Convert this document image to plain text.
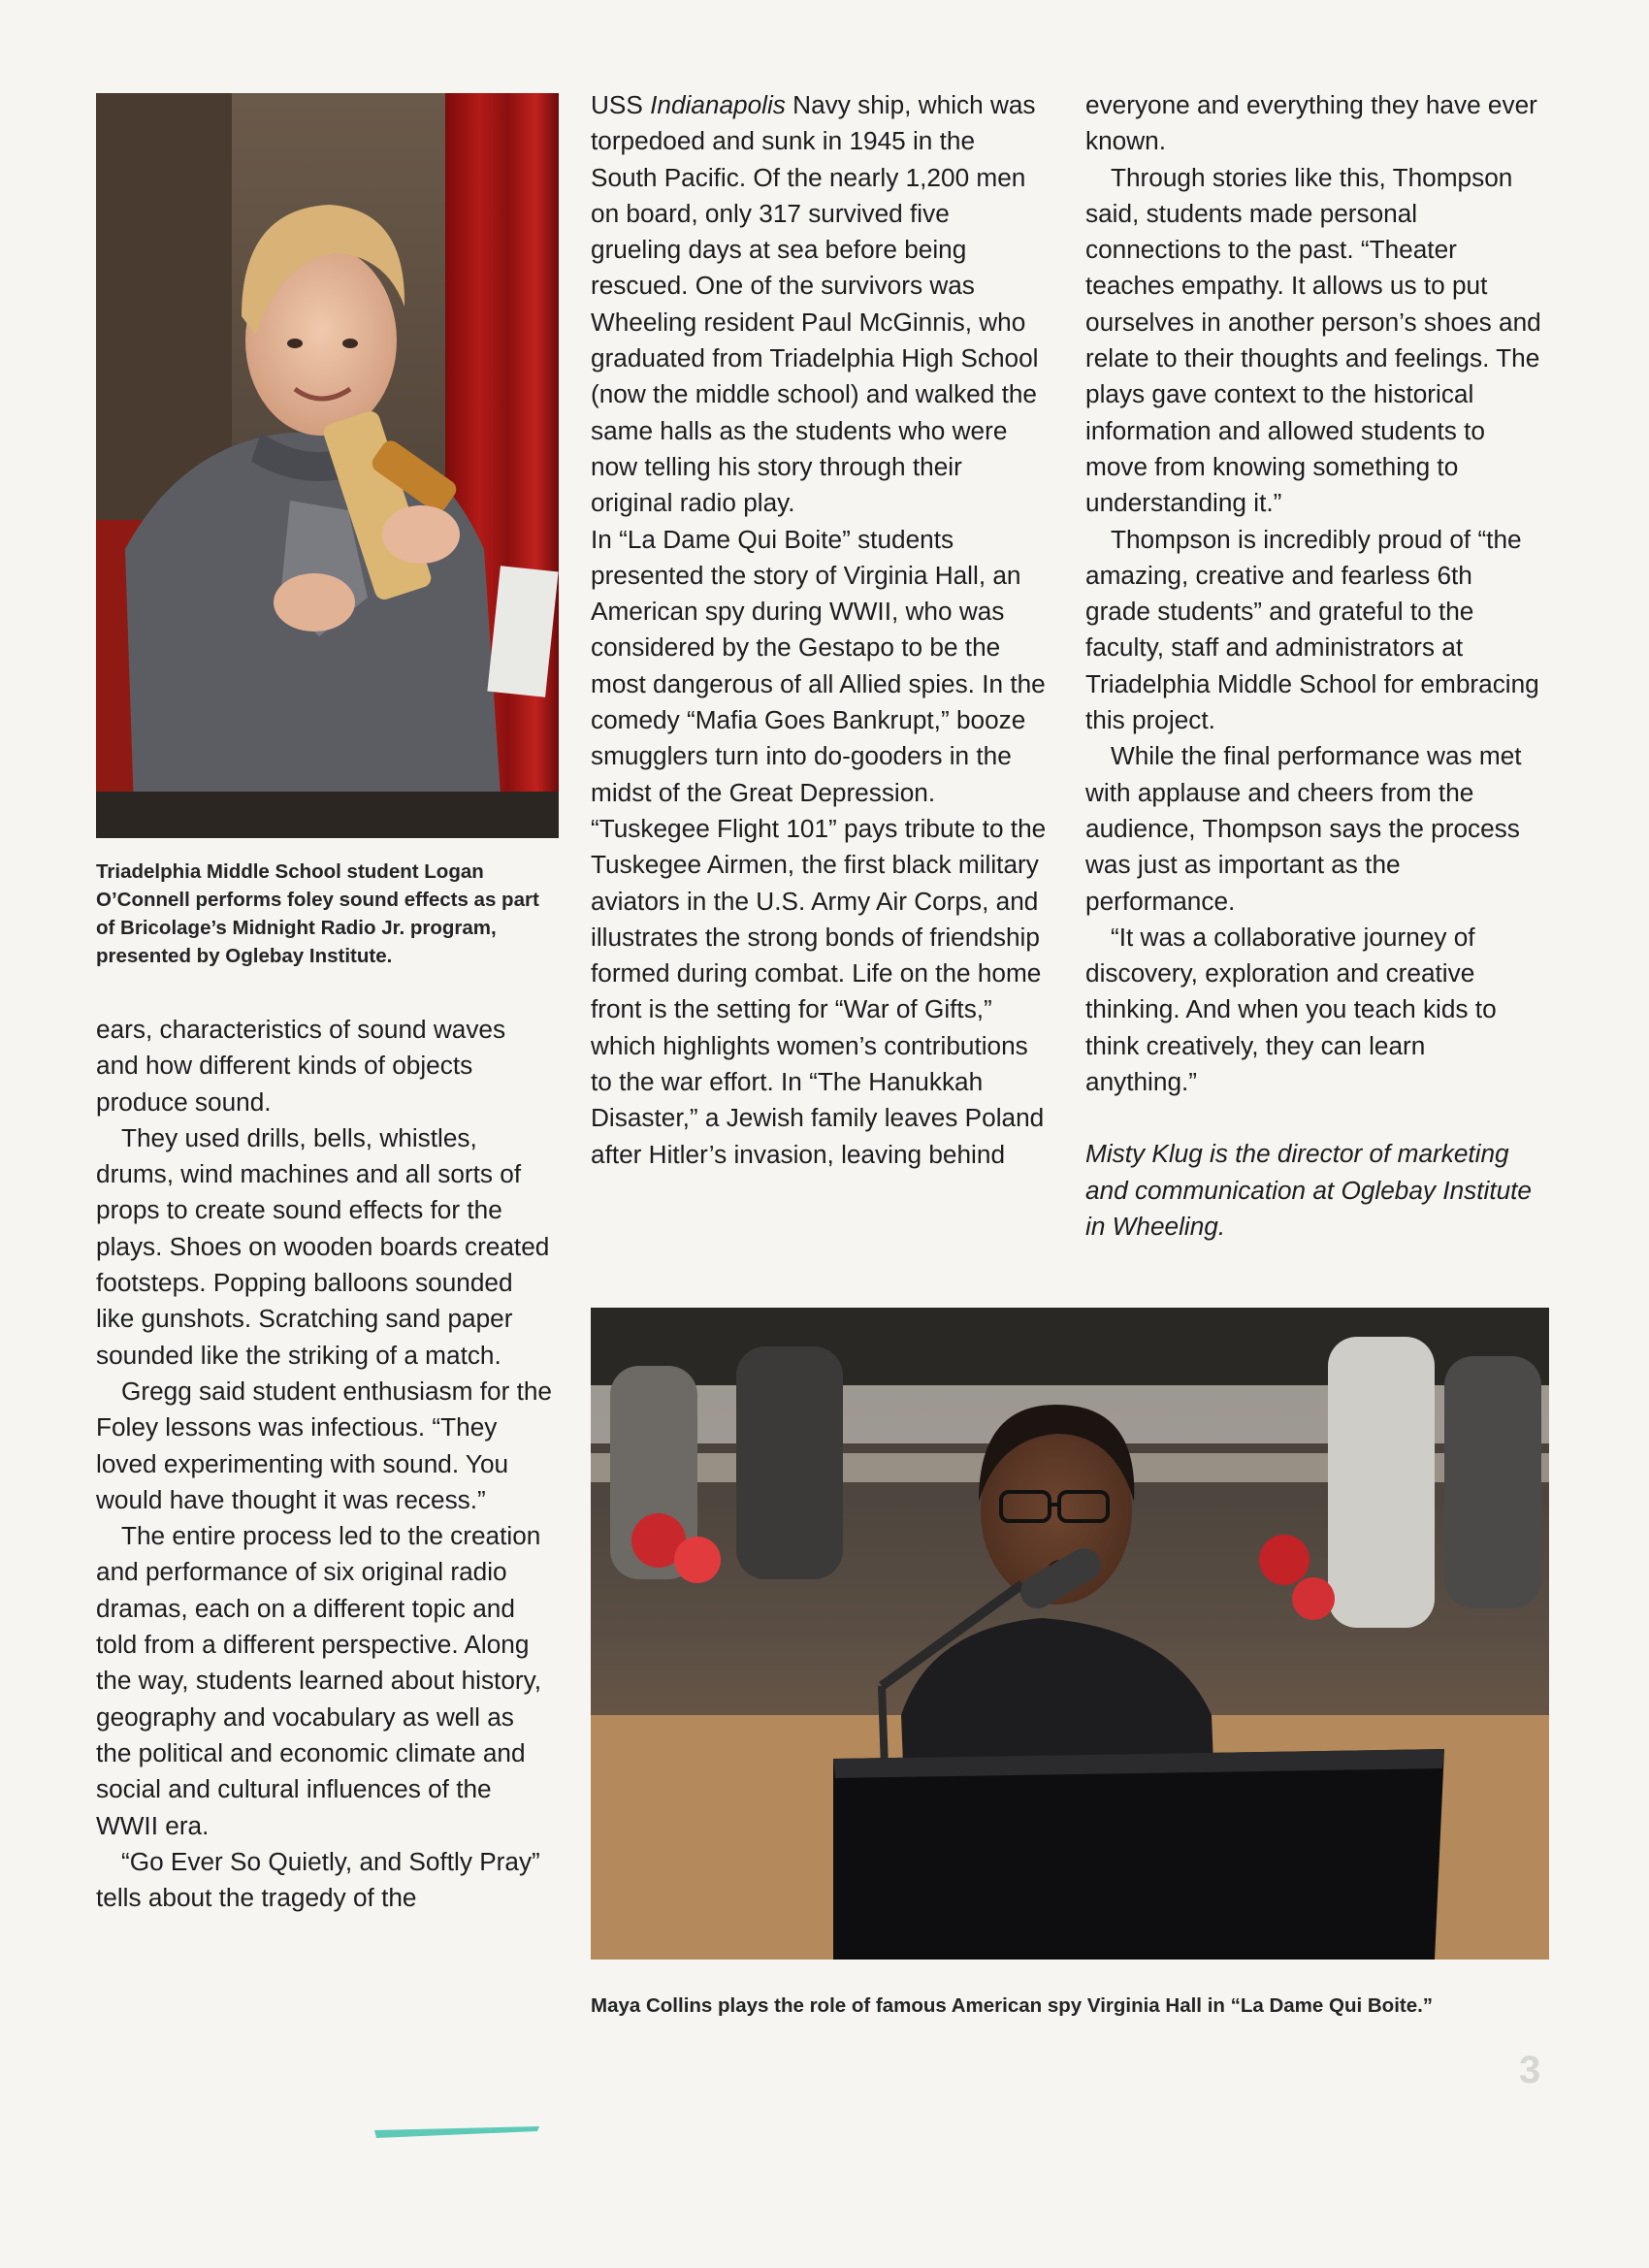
Triadelphia Middle School student Logan O’Connell performs foley sound effects as part of Bricolage’s Midnight Radio Jr. program, presented by Oglebay Institute.

ears, characteristics of sound waves and how different kinds of objects produce sound.

They used drills, bells, whistles, drums, wind machines and all sorts of props to create sound effects for the plays. Shoes on wooden boards created footsteps. Popping balloons sounded like gunshots. Scratching sand paper sounded like the striking of a match.

Gregg said student enthusiasm for the Foley lessons was infectious. “They loved experimenting with sound. You would have thought it was recess.”

The entire process led to the creation and performance of six original radio dramas, each on a different topic and told from a different perspective. Along the way, students learned about history, geography and vocabulary as well as the political and economic climate and social and cultural influences of the WWII era.

“Go Ever So Quietly, and Softly Pray” tells about the tragedy of the

USS Indianapolis Navy ship, which was torpedoed and sunk in 1945 in the South Pacific. Of the nearly 1,200 men on board, only 317 survived five grueling days at sea before being rescued. One of the survivors was Wheeling resident Paul McGinnis, who graduated from Triadelphia High School (now the middle school) and walked the same halls as the students who were now telling his story through their original radio play.

In “La Dame Qui Boite” students presented the story of Virginia Hall, an American spy during WWII, who was considered by the Gestapo to be the most dangerous of all Allied spies. In the comedy “Mafia Goes Bankrupt,” booze smugglers turn into do-gooders in the midst of the Great Depression. “Tuskegee Flight 101” pays tribute to the Tuskegee Airmen, the first black military aviators in the U.S. Army Air Corps, and illustrates the strong bonds of friendship formed during combat. Life on the home front is the setting for “War of Gifts,” which highlights women’s contributions to the war effort. In “The Hanukkah Disaster,” a Jewish family leaves Poland after Hitler’s invasion, leaving behind

everyone and everything they have ever known.

Through stories like this, Thompson said, students made personal connections to the past. “Theater teaches empathy. It allows us to put ourselves in another person’s shoes and relate to their thoughts and feelings. The plays gave context to the historical information and allowed students to move from knowing something to understanding it.”

Thompson is incredibly proud of “the amazing, creative and fearless 6th grade students” and grateful to the faculty, staff and administrators at Triadelphia Middle School for embracing this project.

While the final performance was met with applause and cheers from the audience, Thompson says the process was just as important as the performance.

“It was a collaborative journey of discovery, exploration and creative thinking. And when you teach kids to think creatively, they can learn anything.”

Misty Klug is the director of marketing and communication at Oglebay Institute in Wheeling.

Maya Collins plays the role of famous American spy Virginia Hall in “La Dame Qui Boite.”

3
